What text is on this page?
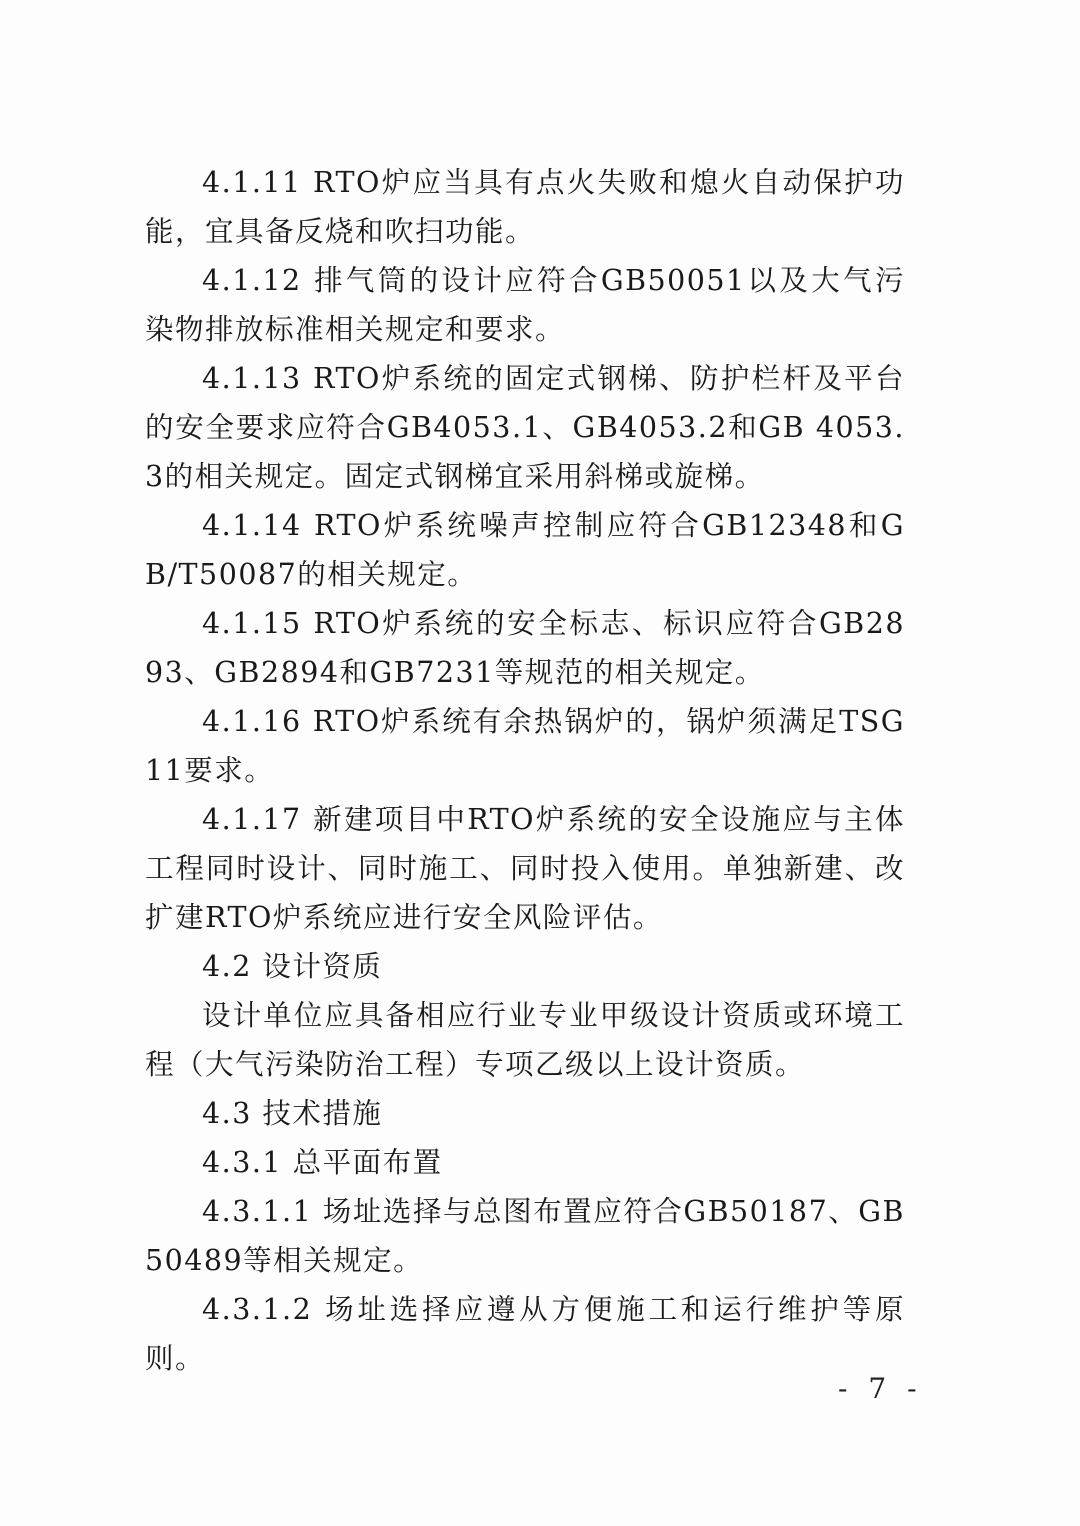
4.1.11 RTO炉应当具有点火失败和熄火自动保护功能，宜具备反烧和吹扫功能。

4.1.12 排气筒的设计应符合GB50051以及大气污染物排放标准相关规定和要求。

4.1.13 RTO炉系统的固定式钢梯、防护栏杆及平台的安全要求应符合GB4053.1、GB4053.2和GB 4053.3的相关规定。固定式钢梯宜采用斜梯或旋梯。

4.1.14 RTO炉系统噪声控制应符合GB12348和GB/T50087的相关规定。

4.1.15 RTO炉系统的安全标志、标识应符合GB2893、GB2894和GB7231等规范的相关规定。

4.1.16 RTO炉系统有余热锅炉的，锅炉须满足TSG11要求。

4.1.17 新建项目中RTO炉系统的安全设施应与主体工程同时设计、同时施工、同时投入使用。单独新建、改扩建RTO炉系统应进行安全风险评估。

4.2 设计资质

设计单位应具备相应行业专业甲级设计资质或环境工程（大气污染防治工程）专项乙级以上设计资质。

4.3 技术措施

4.3.1 总平面布置

4.3.1.1 场址选择与总图布置应符合GB50187、GB50489等相关规定。

4.3.1.2 场址选择应遵从方便施工和运行维护等原则。

- 7 -
